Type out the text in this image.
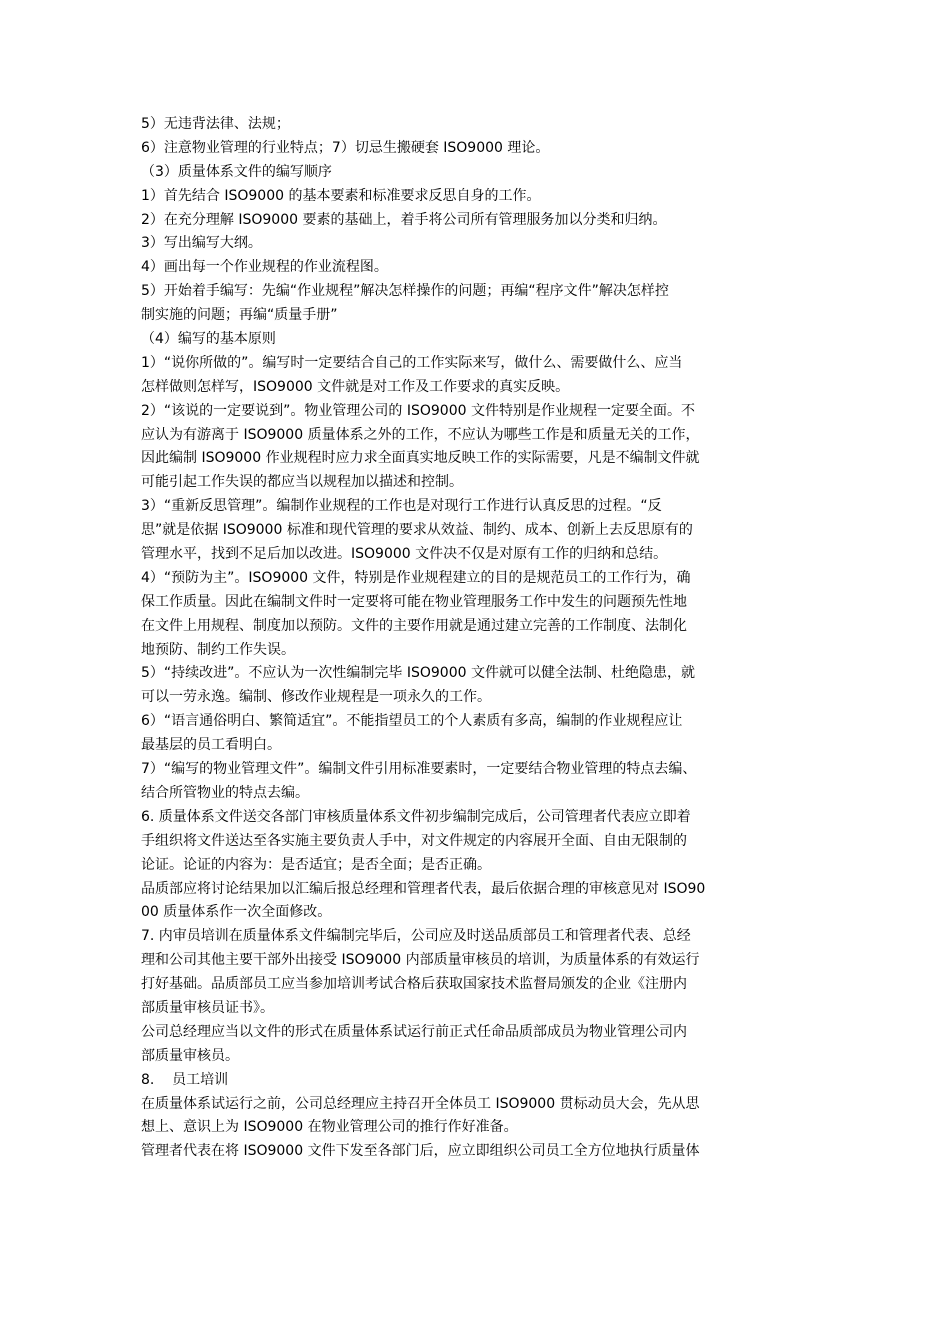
5）无违背法律、法规；
6）注意物业管理的行业特点；7）切忌生搬硬套 ISO9000 理论。
（3）质量体系文件的编写顺序
1）首先结合 ISO9000 的基本要素和标准要求反思自身的工作。
2）在充分理解 ISO9000 要素的基础上，着手将公司所有管理服务加以分类和归纳。
3）写出编写大纲。
4）画出每一个作业规程的作业流程图。
5）开始着手编写：先编“作业规程”解决怎样操作的问题；再编“程序文件”解决怎样控
制实施的问题；再编“质量手册”
（4）编写的基本原则
1）“说你所做的”。编写时一定要结合自己的工作实际来写，做什么、需要做什么、应当
怎样做则怎样写，ISO9000 文件就是对工作及工作要求的真实反映。
2）“该说的一定要说到”。物业管理公司的 ISO9000 文件特别是作业规程一定要全面。不
应认为有游离于 ISO9000 质量体系之外的工作，不应认为哪些工作是和质量无关的工作，
因此编制 ISO9000 作业规程时应力求全面真实地反映工作的实际需要，凡是不编制文件就
可能引起工作失误的都应当以规程加以描述和控制。
3）“重新反思管理”。编制作业规程的工作也是对现行工作进行认真反思的过程。“反
思”就是依据 ISO9000 标准和现代管理的要求从效益、制约、成本、创新上去反思原有的
管理水平，找到不足后加以改进。ISO9000 文件决不仅是对原有工作的归纳和总结。
4）“预防为主”。ISO9000 文件，特别是作业规程建立的目的是规范员工的工作行为，确
保工作质量。因此在编制文件时一定要将可能在物业管理服务工作中发生的问题预先性地
在文件上用规程、制度加以预防。文件的主要作用就是通过建立完善的工作制度、法制化
地预防、制约工作失误。
5）“持续改进”。不应认为一次性编制完毕 ISO9000 文件就可以健全法制、杜绝隐患，就
可以一劳永逸。编制、修改作业规程是一项永久的工作。
6）“语言通俗明白、繁简适宜”。不能指望员工的个人素质有多高，编制的作业规程应让
最基层的员工看明白。
7）“编写的物业管理文件”。编制文件引用标准要素时，一定要结合物业管理的特点去编、
结合所管物业的特点去编。
6. 质量体系文件送交各部门审核质量体系文件初步编制完成后，公司管理者代表应立即着
手组织将文件送达至各实施主要负责人手中，对文件规定的内容展开全面、自由无限制的
论证。论证的内容为：是否适宜；是否全面；是否正确。
品质部应将讨论结果加以汇编后报总经理和管理者代表，最后依据合理的审核意见对 ISO90
00 质量体系作一次全面修改。
7. 内审员培训在质量体系文件编制完毕后，公司应及时送品质部员工和管理者代表、总经
理和公司其他主要干部外出接受 ISO9000 内部质量审核员的培训，为质量体系的有效运行
打好基础。品质部员工应当参加培训考试合格后获取国家技术监督局颁发的企业《注册内
部质量审核员证书》。
公司总经理应当以文件的形式在质量体系试运行前正式任命品质部成员为物业管理公司内
部质量审核员。
8.    员工培训
在质量体系试运行之前，公司总经理应主持召开全体员工 ISO9000 贯标动员大会，先从思
想上、意识上为 ISO9000 在物业管理公司的推行作好准备。
管理者代表在将 ISO9000 文件下发至各部门后，应立即组织公司员工全方位地执行质量体
